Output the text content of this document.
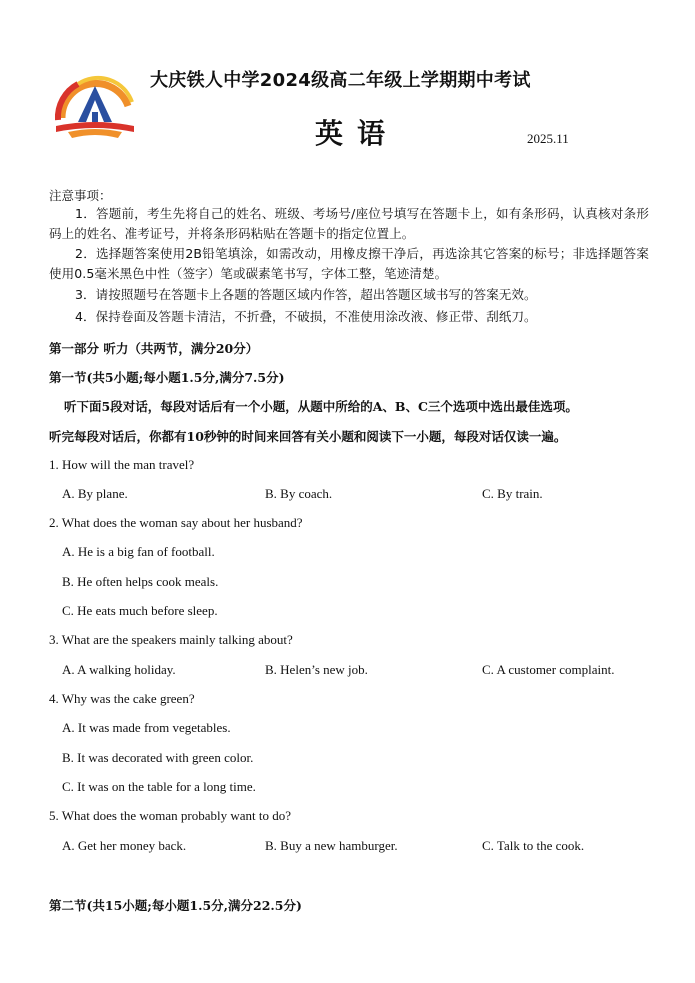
大庆铁人中学2024级高二年级上学期期中考试
英语	2025.11
注意事项：
1．答题前，考生先将自己的姓名、班级、考场号/座位号填写在答题卡上，如有条形码，认真核对条形码上的姓名、准考证号，并将条形码粘贴在答题卡的指定位置上。
2．选择题答案使用2B铅笔填涂，如需改动，用橡皮擦干净后，再选涂其它答案的标号；非选择题答案使用0.5毫米黑色中性（签字）笔或碳素笔书写，字体工整，笔迹清楚。
3．请按照题号在答题卡上各题的答题区域内作答，超出答题区域书写的答案无效。
4．保持卷面及答题卡清洁，不折叠，不破损，不准使用涂改液、修正带、刮纸刀。
第一部分 听力（共两节，满分20分）
第一节(共5小题;每小题1.5分,满分7.5分)
听下面5段对话，每段对话后有一个小题，从题中所给的A、B、C三个选项中选出最佳选项。
听完每段对话后，你都有10秒钟的时间来回答有关小题和阅读下一小题，每段对话仅读一遍。
1. How will the man travel?
A. By plane.	B. By coach.	C. By train.
2. What does the woman say about her husband?
A. He is a big fan of football.
B. He often helps cook meals.
C. He eats much before sleep.
3. What are the speakers mainly talking about?
A. A walking holiday.	B. Helen’s new job.	C. A customer complaint.
4. Why was the cake green?
A. It was made from vegetables.
B. It was decorated with green color.
C. It was on the table for a long time.
5. What does the woman probably want to do?
A. Get her money back.	B. Buy a new hamburger.	C. Talk to the cook.
第二节(共15小题;每小题1.5分,满分22.5分)
